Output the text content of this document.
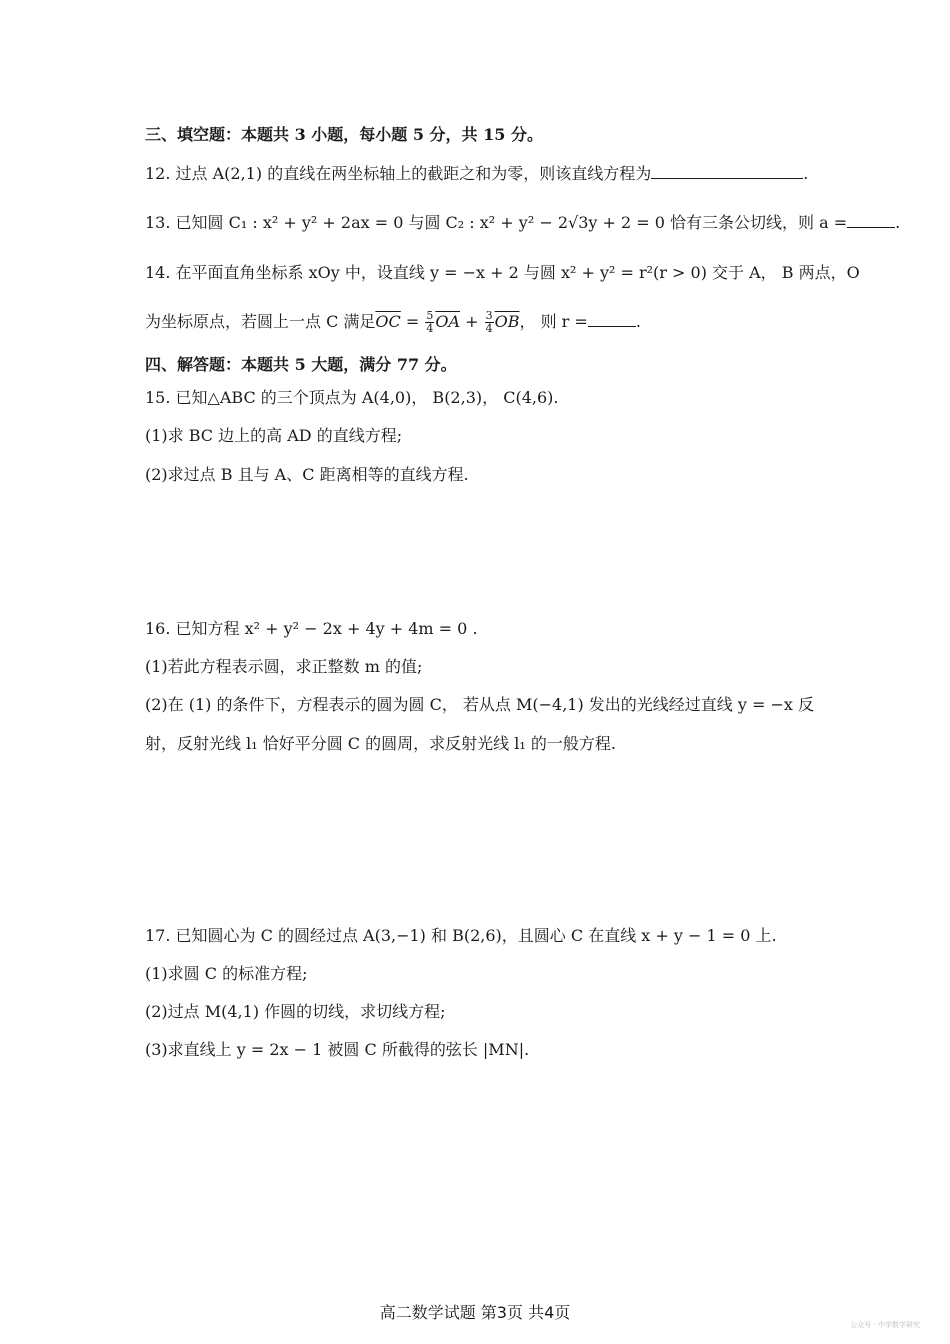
三、填空题：本题共 3 小题，每小题 5 分，共 15 分。
12. 过点 A(2,1) 的直线在两坐标轴上的截距之和为零，则该直线方程为	.
13. 已知圆 C₁ : x² + y² + 2ax = 0 与圆 C₂ : x² + y² − 2√3y + 2 = 0 恰有三条公切线，则 a =	.
14. 在平面直角坐标系 xOy 中，设直线 y = −x + 2 与圆 x² + y² = r²(r > 0) 交于 A， B 两点，O
为坐标原点，若圆上一点 C 满足$\overline{OC} = \frac{5}{4} \overline{OA} + \frac{3}{4} \overline{OB}$， 则 r =	.
四、解答题：本题共 5 大题，满分 77 分。
15. 已知△ABC 的三个顶点为 A(4,0)， B(2,3)， C(4,6).
(1)求 BC 边上的高 AD 的直线方程;
(2)求过点 B 且与 A、C 距离相等的直线方程.
16. 已知方程 x² + y² − 2x + 4y + 4m = 0 .
(1)若此方程表示圆，求正整数 m 的值;
(2)在 (1) 的条件下，方程表示的圆为圆 C， 若从点 M(−4,1) 发出的光线经过直线 y = −x 反
射，反射光线 l₁ 恰好平分圆 C 的圆周，求反射光线 l₁ 的一般方程.
17. 已知圆心为 C 的圆经过点 A(3,−1) 和 B(2,6)，且圆心 C 在直线 x + y − 1 = 0 上.
(1)求圆 C 的标准方程;
(2)过点 M(4,1) 作圆的切线，求切线方程;
(3)求直线上 y = 2x − 1 被圆 C 所截得的弦长 |MN|.
高二数学试题 第3页 共4页
公众号 · 中学数学研究
